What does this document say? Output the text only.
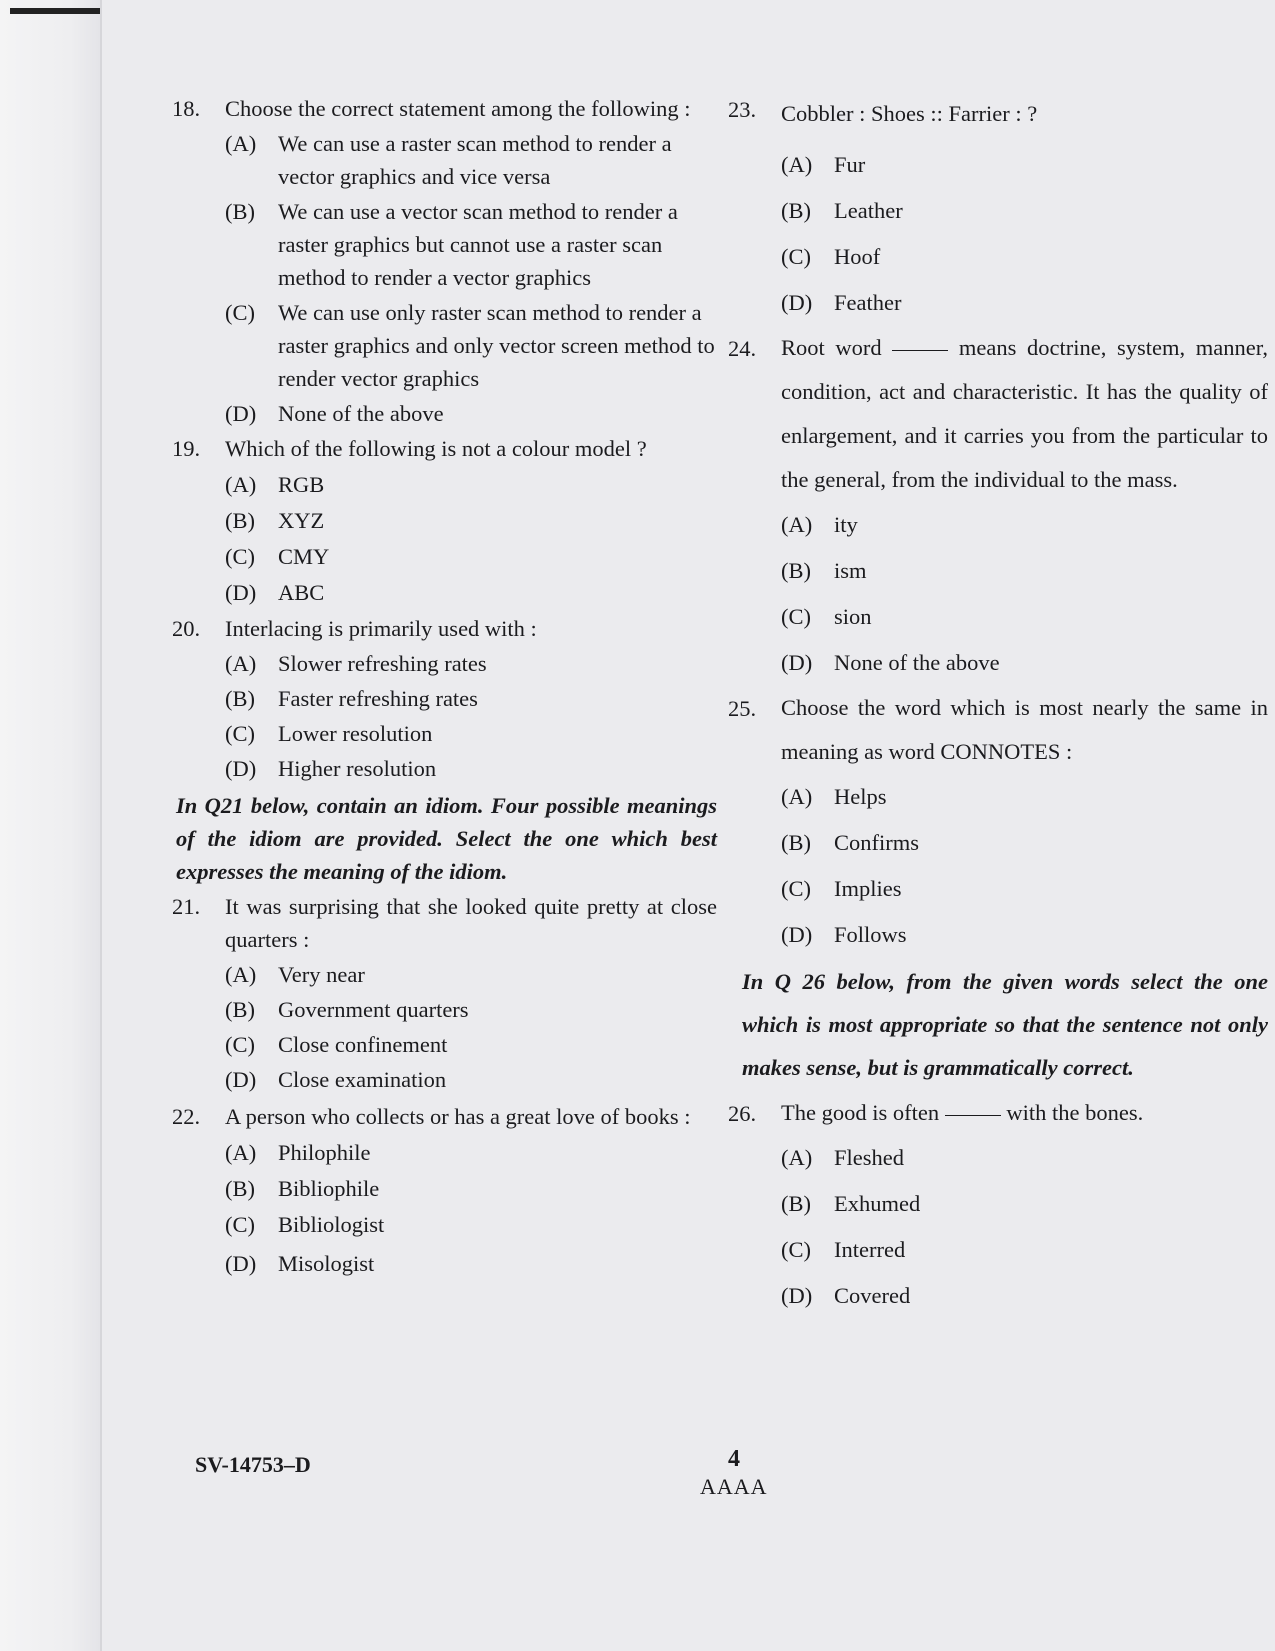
18. Choose the correct statement among the following :
(A) We can use a raster scan method to render a vector graphics and vice versa
(B) We can use a vector scan method to render a raster graphics but cannot use a raster scan method to render a vector graphics
(C) We can use only raster scan method to render a raster graphics and only vector screen method to render vector graphics
(D) None of the above
19. Which of the following is not a colour model ?
(A) RGB
(B) XYZ
(C) CMY
(D) ABC
20. Interlacing is primarily used with :
(A) Slower refreshing rates
(B) Faster refreshing rates
(C) Lower resolution
(D) Higher resolution
In Q21 below, contain an idiom. Four possible meanings of the idiom are provided. Select the one which best expresses the meaning of the idiom.
21. It was surprising that she looked quite pretty at close quarters :
(A) Very near
(B) Government quarters
(C) Close confinement
(D) Close examination
22. A person who collects or has a great love of books :
(A) Philophile
(B) Bibliophile
(C) Bibliologist
(D) Misologist
23. Cobbler : Shoes :: Farrier : ?
(A) Fur
(B) Leather
(C) Hoof
(D) Feather
24. Root word	means doctrine, system, manner, condition, act and characteristic. It has the quality of enlargement, and it carries you from the particular to the general, from the individual to the mass.
(A) ity
(B) ism
(C) sion
(D) None of the above
25. Choose the word which is most nearly the same in meaning as word CONNOTES :
(A) Helps
(B) Confirms
(C) Implies
(D) Follows
In Q 26 below, from the given words select the one which is most appropriate so that the sentence not only makes sense, but is grammatically correct.
26. The good is often	with the bones.
(A) Fleshed
(B) Exhumed
(C) Interred
(D) Covered
SV-14753–D	4
AAAA
